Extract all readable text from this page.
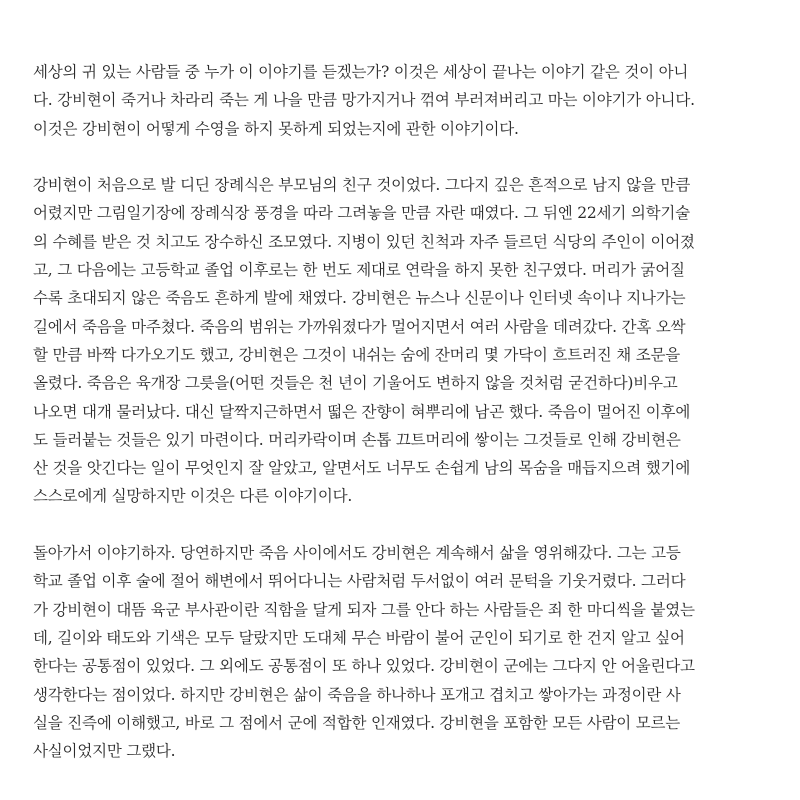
세상의 귀 있는 사람들 중 누가 이 이야기를 듣겠는가? 이것은 세상이 끝나는 이야기 같은 것이 아니
다. 강비현이 죽거나 차라리 죽는 게 나을 만큼 망가지거나 꺾여 부러져버리고 마는 이야기가 아니다.
이것은 강비현이 어떻게 수영을 하지 못하게 되었는지에 관한 이야기이다.
강비현이 처음으로 발 디딘 장례식은 부모님의 친구 것이었다. 그다지 깊은 흔적으로 남지 않을 만큼
어렸지만 그림일기장에 장례식장 풍경을 따라 그려놓을 만큼 자란 때였다. 그 뒤엔 22세기 의학기술
의 수혜를 받은 것 치고도 장수하신 조모였다. 지병이 있던 친척과 자주 들르던 식당의 주인이 이어졌
고, 그 다음에는 고등학교 졸업 이후로는 한 번도 제대로 연락을 하지 못한 친구였다. 머리가 굵어질
수록 초대되지 않은 죽음도 흔하게 발에 채였다. 강비현은 뉴스나 신문이나 인터넷 속이나 지나가는
길에서 죽음을 마주쳤다. 죽음의 범위는 가까워졌다가 멀어지면서 여러 사람을 데려갔다. 간혹 오싹
할 만큼 바짝 다가오기도 했고, 강비현은 그것이 내쉬는 숨에 잔머리 몇 가닥이 흐트러진 채 조문을
올렸다. 죽음은 육개장 그릇을(어떤 것들은 천 년이 기울어도 변하지 않을 것처럼 굳건하다)비우고
나오면 대개 물러났다. 대신 달짝지근하면서 떫은 잔향이 혀뿌리에 남곤 했다. 죽음이 멀어진 이후에
도 들러붙는 것들은 있기 마련이다. 머리카락이며 손톱 끄트머리에 쌓이는 그것들로 인해 강비현은
산 것을 앗긴다는 일이 무엇인지 잘 알았고, 알면서도 너무도 손쉽게 남의 목숨을 매듭지으려 했기에
스스로에게 실망하지만 이것은 다른 이야기이다.
돌아가서 이야기하자. 당연하지만 죽음 사이에서도 강비현은 계속해서 삶을 영위해갔다. 그는 고등
학교 졸업 이후 술에 절어 해변에서 뛰어다니는 사람처럼 두서없이 여러 문턱을 기웃거렸다. 그러다
가 강비현이 대뜸 육군 부사관이란 직함을 달게 되자 그를 안다 하는 사람들은 죄 한 마디씩을 붙였는
데, 길이와 태도와 기색은 모두 달랐지만 도대체 무슨 바람이 불어 군인이 되기로 한 건지 알고 싶어
한다는 공통점이 있었다. 그 외에도 공통점이 또 하나 있었다. 강비현이 군에는 그다지 안 어울린다고
생각한다는 점이었다. 하지만 강비현은 삶이 죽음을 하나하나 포개고 겹치고 쌓아가는 과정이란 사
실을 진즉에 이해했고, 바로 그 점에서 군에 적합한 인재였다. 강비현을 포함한 모든 사람이 모르는
사실이었지만 그랬다.
